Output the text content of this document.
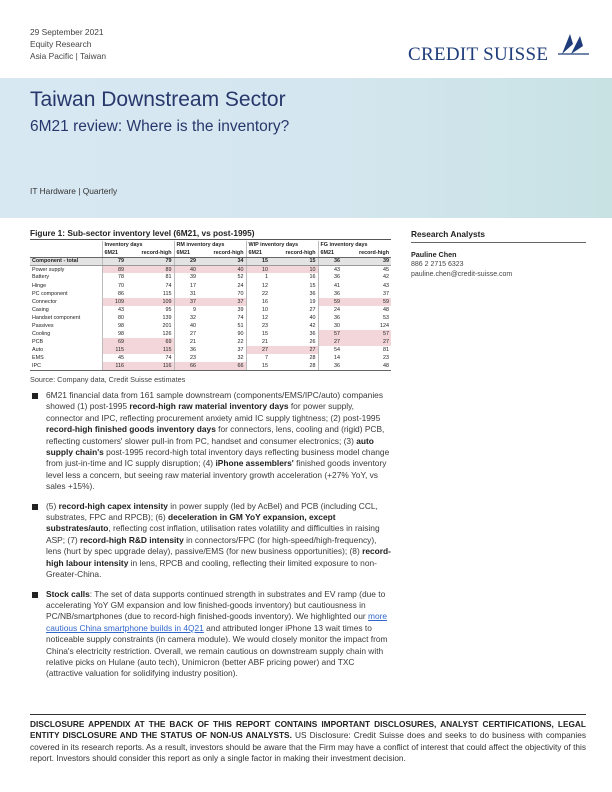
29 September 2021
Equity Research
Asia Pacific | Taiwan	CREDIT SUISSE
Taiwan Downstream Sector
6M21 review: Where is the inventory?
IT Hardware | Quarterly
Figure 1: Sub-sector inventory level (6M21, vs post-1995)
	Inventory days		RM inventory days		WIP inventory days		FG inventory days	
	6M21	record-high	6M21	record-high	6M21	record-high	6M21	record-high
Component - total	79	79	29	34	15	15	36	39
Power supply	89	89	40	40	10	10	43	45
Battery	78	81	39	52	1	16	36	42
Hinge	70	74	17	24	12	15	41	43
PC component	86	115	31	70	22	36	36	37
Connector	109	109	37	37	16	19	59	59
Casing	43	95	9	39	10	27	24	48
Handset component	80	139	32	74	12	40	36	53
Passives	98	201	40	51	23	42	30	124
Cooling	98	126	27	90	15	36	57	57
PCB	69	69	21	22	21	26	27	27
Auto	115	115	36	37	27	27	54	81
EMS	45	74	23	32	7	28	14	23
IPC	116	116	66	66	15	28	36	48
Source: Company data, Credit Suisse estimates

6M21 financial data from 161 sample downstream (components/EMS/IPC/auto) companies showed (1) post-1995 record-high raw material inventory days for power supply, connector and IPC, reflecting procurement anxiety amid IC supply tightness; (2) post-1995 record-high finished goods inventory days for connectors, lens, cooling and (rigid) PCB, reflecting customers' slower pull-in from PC, handset and consumer electronics; (3) auto supply chain's post-1995 record-high total inventory days reflecting business model change from just-in-time and IC supply disruption; (4) iPhone assemblers' finished goods inventory level less a concern, but seeing raw material inventory growth acceleration (+27% YoY, vs sales +15%).

(5) record-high capex intensity in power supply (led by AcBel) and PCB (including CCL, substrates, FPC and RPCB); (6) deceleration in GM YoY expansion, except substrates/auto, reflecting cost inflation, utilisation rates volatility and difficulties in raising ASP; (7) record-high R&D intensity in connectors/FPC (for high-speed/high-frequency), lens (hurt by spec upgrade delay), passive/EMS (for new business opportunities); (8) record-high labour intensity in lens, RPCB and cooling, reflecting their limited exposure to non-Greater-China.

Stock calls: The set of data supports continued strength in substrates and EV ramp (due to accelerating YoY GM expansion and low finished-goods inventory) but cautiousness in PC/NB/smartphones (due to record-high finished-goods inventory). We highlighted our more cautious China smartphone builds in 4Q21 and attributed longer iPhone 13 wait times to noticeable supply constraints (in camera module). We would closely monitor the impact from China's electricity restriction. Overall, we remain cautious on downstream supply chain with relative picks on Hulane (auto tech), Unimicron (better ABF pricing power) and TXC (attractive valuation for solidifying industry position).

Research Analysts
Pauline Chen
886 2 2715 6323
pauline.chen@credit-suisse.com
DISCLOSURE APPENDIX AT THE BACK OF THIS REPORT CONTAINS IMPORTANT DISCLOSURES, ANALYST CERTIFICATIONS, LEGAL ENTITY DISCLOSURE AND THE STATUS OF NON-US ANALYSTS. US Disclosure: Credit Suisse does and seeks to do business with companies covered in its research reports. As a result, investors should be aware that the Firm may have a conflict of interest that could affect the objectivity of this report. Investors should consider this report as only a single factor in making their investment decision.
